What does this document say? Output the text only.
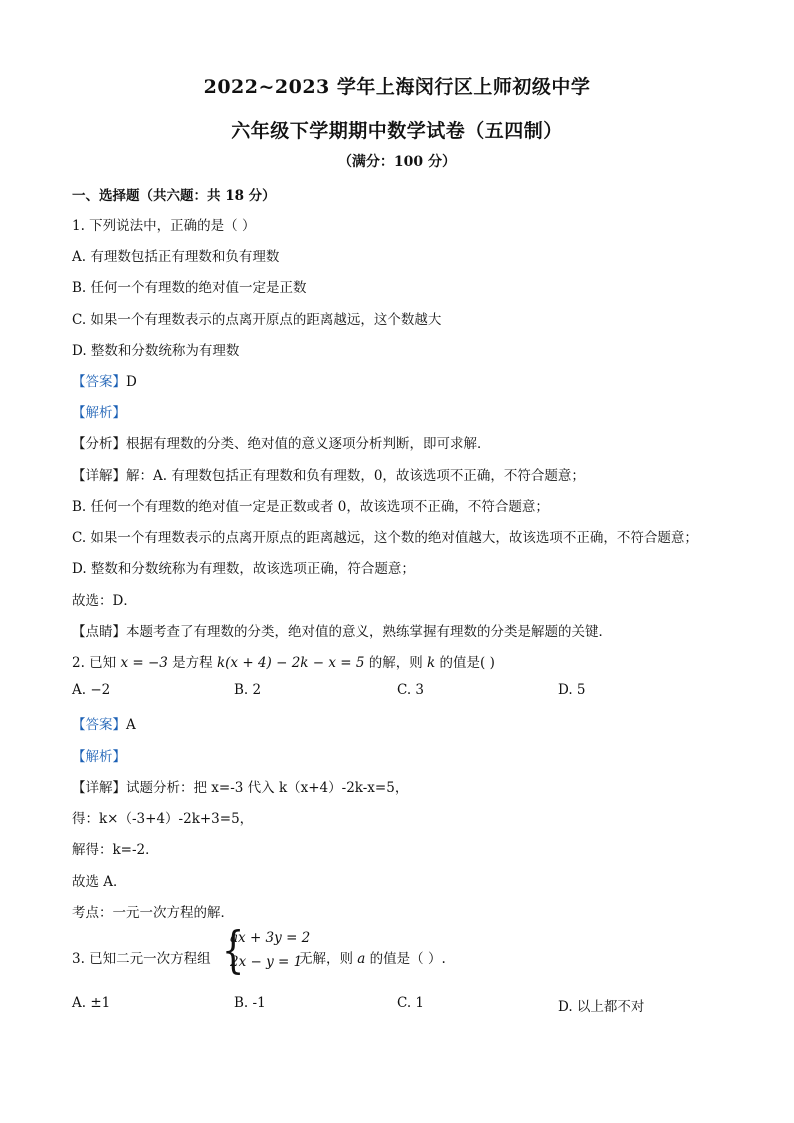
2022~2023 学年上海闵行区上师初级中学
六年级下学期期中数学试卷（五四制）
（满分：100 分）
一、选择题（共六题：共 18 分）
1. 下列说法中，正确的是（ ）
A. 有理数包括正有理数和负有理数
B. 任何一个有理数的绝对值一定是正数
C. 如果一个有理数表示的点离开原点的距离越远，这个数越大
D. 整数和分数统称为有理数
【答案】D
【解析】
【分析】根据有理数的分类、绝对值的意义逐项分析判断，即可求解．
【详解】解：A. 有理数包括正有理数和负有理数，0，故该选项不正确，不符合题意；
B. 任何一个有理数的绝对值一定是正数或者 0，故该选项不正确，不符合题意；
C. 如果一个有理数表示的点离开原点的距离越远，这个数的绝对值越大，故该选项不正确，不符合题意；
D. 整数和分数统称为有理数，故该选项正确，符合题意；
故选：D．
【点睛】本题考查了有理数的分类，绝对值的意义，熟练掌握有理数的分类是解题的关键．
2. 已知 x = −3 是方程 k(x + 4) − 2k − x = 5 的解，则 k 的值是( )
A. −2	B. 2	C. 3	D. 5
【答案】A
【解析】
【详解】试题分析：把 x=-3 代入 k（x+4）-2k-x=5，
得：k×（-3+4）-2k+3=5，
解得：k=-2．
故选 A．
考点：一元一次方程的解．
3. 已知二元一次方程组 {
ax + 3y = 2
2x − y = 1
无解，则 a 的值是（ ）.
A. ±1	B. -1	C. 1	D. 以上都不对
